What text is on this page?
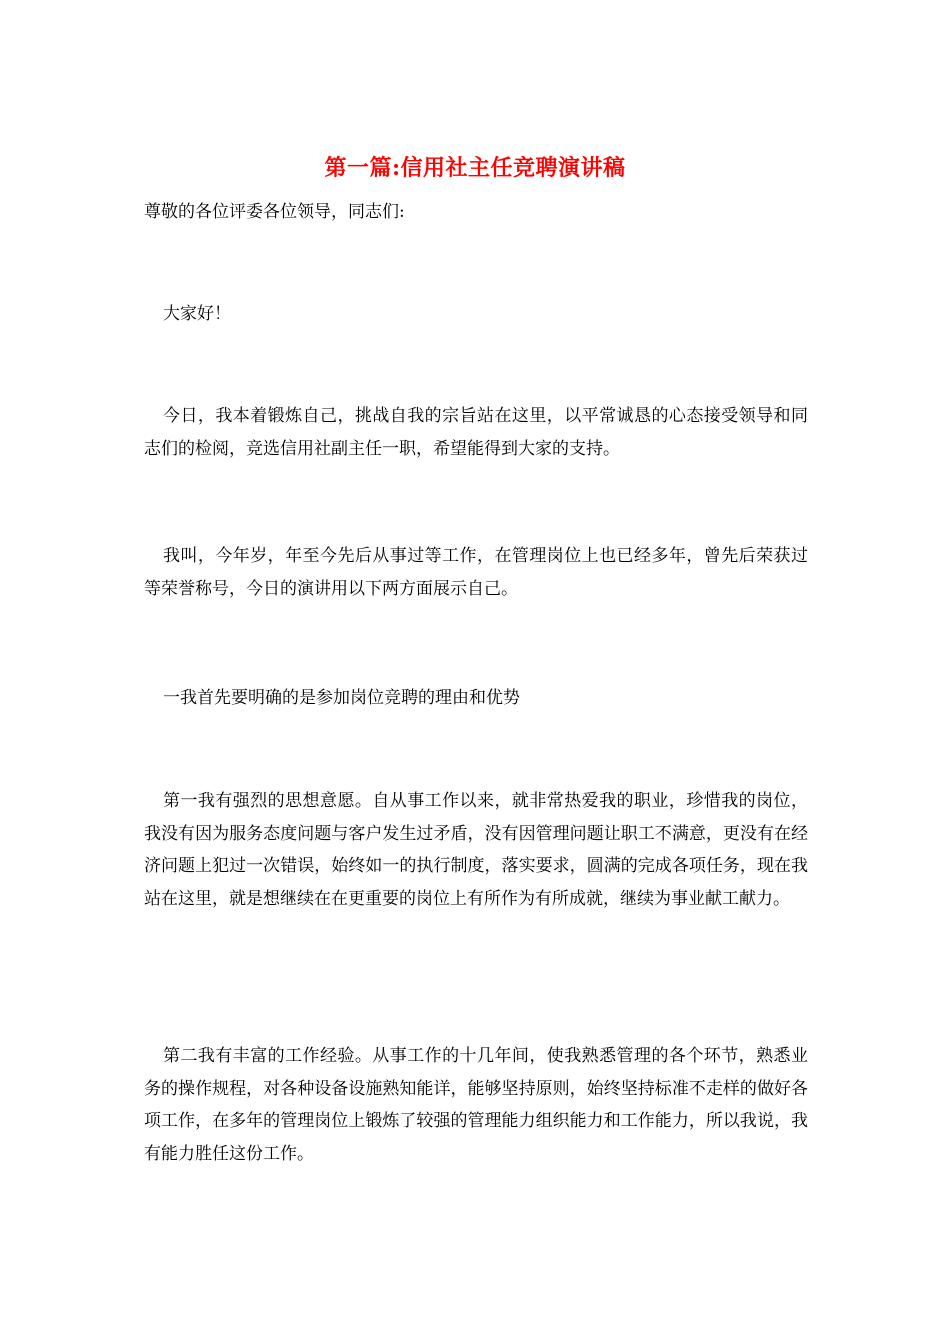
第一篇:信用社主任竞聘演讲稿

尊敬的各位评委各位领导，同志们:

大家好！

今日，我本着锻炼自己，挑战自我的宗旨站在这里，以平常诚恳的心态接受领导和同志们的检阅，竞选信用社副主任一职，希望能得到大家的支持。

我叫，今年岁，年至今先后从事过等工作，在管理岗位上也已经多年，曾先后荣获过等荣誉称号，今日的演讲用以下两方面展示自己。

一我首先要明确的是参加岗位竞聘的理由和优势

第一我有强烈的思想意愿。自从事工作以来，就非常热爱我的职业，珍惜我的岗位，我没有因为服务态度问题与客户发生过矛盾，没有因管理问题让职工不满意，更没有在经济问题上犯过一次错误，始终如一的执行制度，落实要求，圆满的完成各项任务，现在我站在这里，就是想继续在在更重要的岗位上有所作为有所成就，继续为事业献工献力。

第二我有丰富的工作经验。从事工作的十几年间，使我熟悉管理的各个环节，熟悉业务的操作规程，对各种设备设施熟知能详，能够坚持原则，始终坚持标准不走样的做好各项工作，在多年的管理岗位上锻炼了较强的管理能力组织能力和工作能力，所以我说，我有能力胜任这份工作。
